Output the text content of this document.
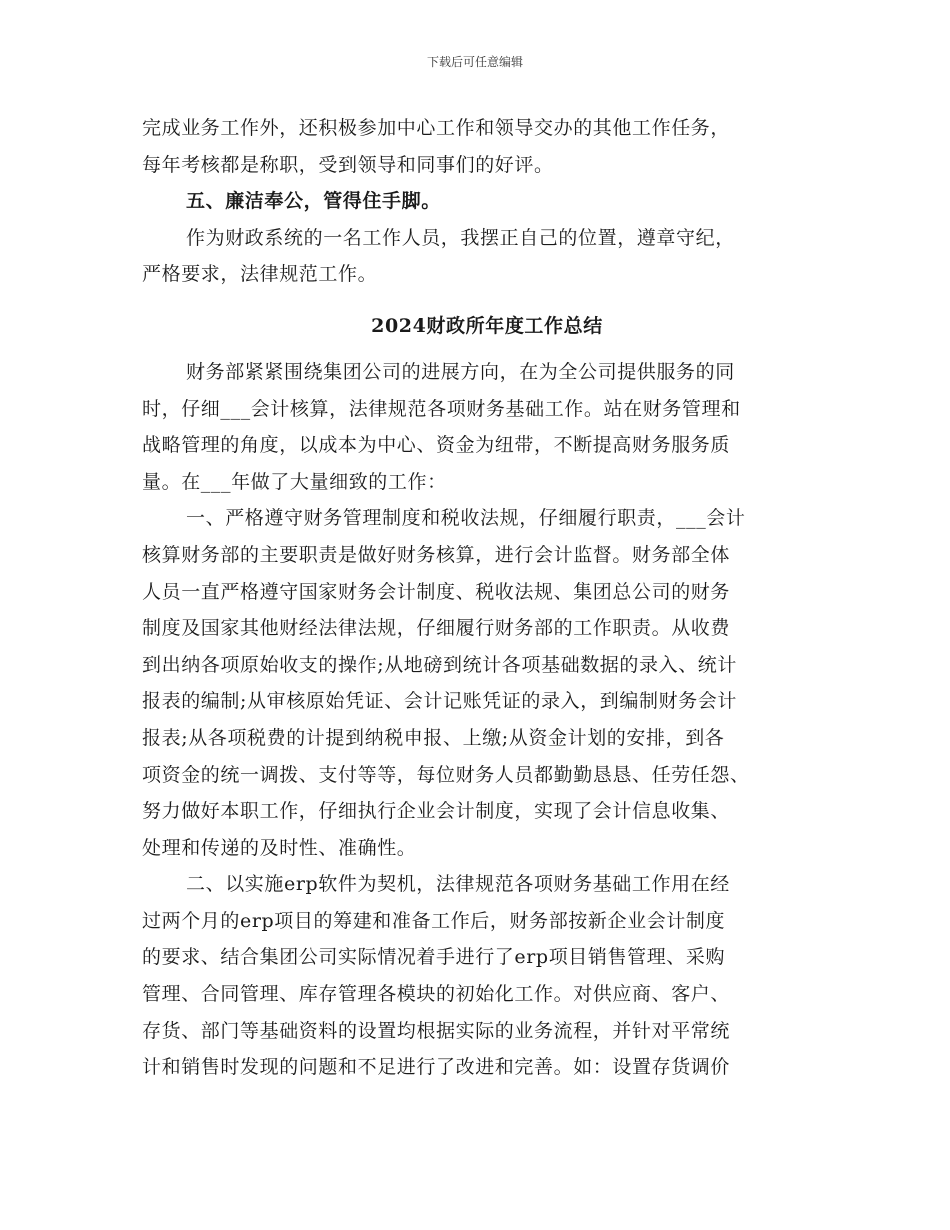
下载后可任意编辑
完成业务工作外，还积极参加中心工作和领导交办的其他工作任务，
每年考核都是称职，受到领导和同事们的好评。
五、廉洁奉公，管得住手脚。
作为财政系统的一名工作人员，我摆正自己的位置，遵章守纪，
严格要求，法律规范工作。
2024财政所年度工作总结
财务部紧紧围绕集团公司的进展方向，在为全公司提供服务的同
时，仔细___会计核算，法律规范各项财务基础工作。站在财务管理和
战略管理的角度，以成本为中心、资金为纽带，不断提高财务服务质
量。在___年做了大量细致的工作：
一、严格遵守财务管理制度和税收法规，仔细履行职责，___会计
核算财务部的主要职责是做好财务核算，进行会计监督。财务部全体
人员一直严格遵守国家财务会计制度、税收法规、集团总公司的财务
制度及国家其他财经法律法规，仔细履行财务部的工作职责。从收费
到出纳各项原始收支的操作;从地磅到统计各项基础数据的录入、统计
报表的编制;从审核原始凭证、会计记账凭证的录入，到编制财务会计
报表;从各项税费的计提到纳税申报、上缴;从资金计划的安排，到各
项资金的统一调拨、支付等等，每位财务人员都勤勤恳恳、任劳任怨、
努力做好本职工作，仔细执行企业会计制度，实现了会计信息收集、
处理和传递的及时性、准确性。
二、以实施erp软件为契机，法律规范各项财务基础工作用在经
过两个月的erp项目的筹建和准备工作后，财务部按新企业会计制度
的要求、结合集团公司实际情况着手进行了erp项目销售管理、采购
管理、合同管理、库存管理各模块的初始化工作。对供应商、客户、
存货、部门等基础资料的设置均根据实际的业务流程，并针对平常统
计和销售时发现的问题和不足进行了改进和完善。如：设置存货调价
